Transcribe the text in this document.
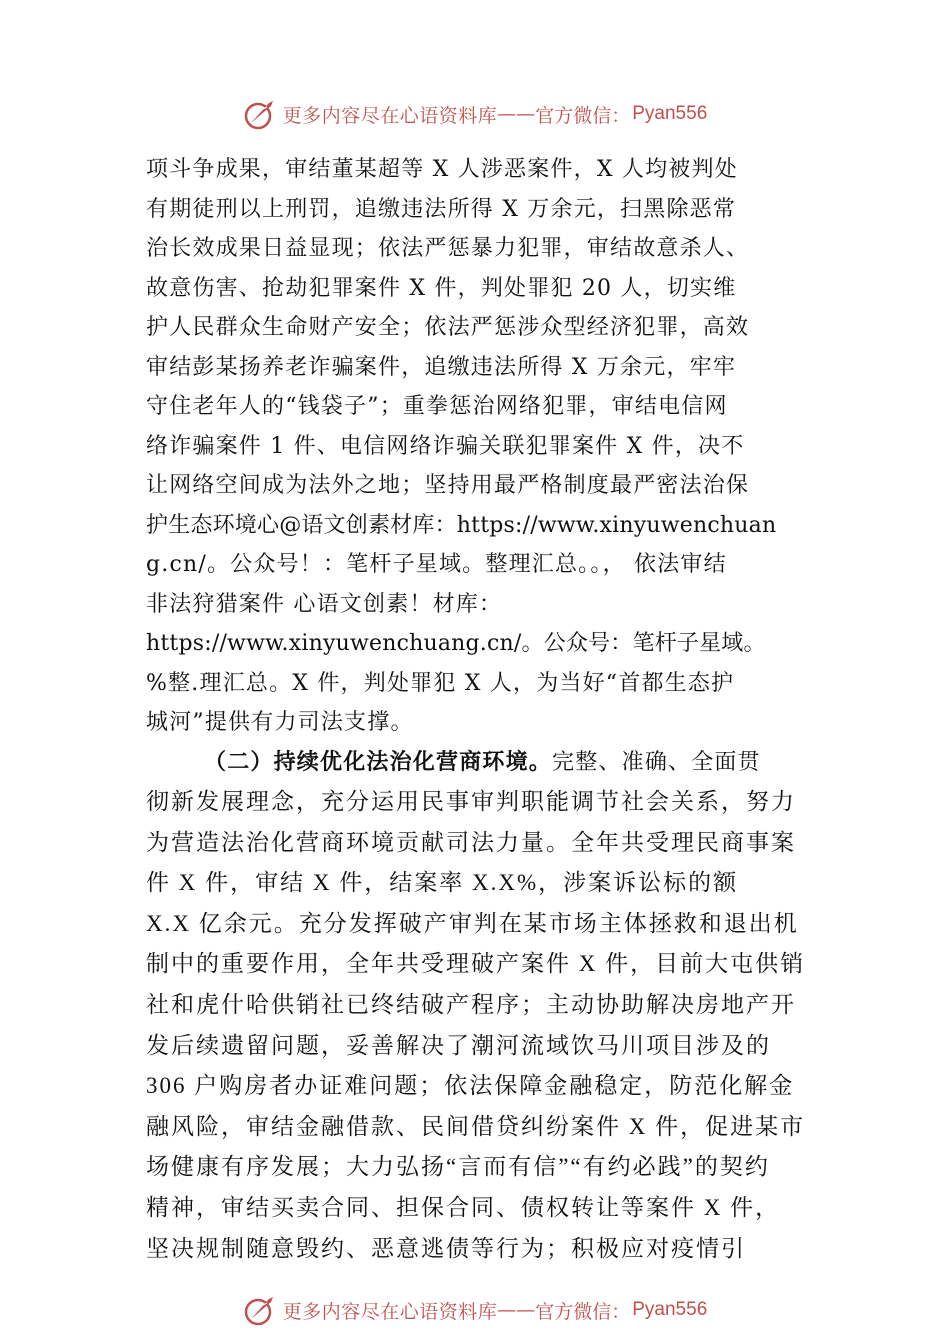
更多内容尽在心语资料库 —— 官方微信： Pyan556
项斗争成果，审结董某超等 X 人涉恶案件，X 人均被判处
有期徒刑以上刑罚，追缴违法所得 X 万余元，扫黑除恶常
治长效成果日益显现；依法严惩暴力犯罪，审结故意杀人、
故意伤害、抢劫犯罪案件 X 件，判处罪犯 20 人，切实维
护人民群众生命财产安全；依法严惩涉众型经济犯罪，高效
审结彭某扬养老诈骗案件，追缴违法所得 X 万余元，牢牢
守住老年人的“钱袋子”；重拳惩治网络犯罪，审结电信网
络诈骗案件 1 件、电信网络诈骗关联犯罪案件 X 件，决不
让网络空间成为法外之地；坚持用最严格制度最严密法治保
护生态环境心@语文创素材库：https://www.xinyuwenchuan
g.cn/。公众号！：笔杆子星域。整理汇总。。， 依法审结
非法狩猎案件 心语文创素！材库：
https://www.xinyuwenchuang.cn/。公众号：笔杆子星域。
%整.理汇总。X 件，判处罪犯 X 人，为当好“首都生态护
城河”提供有力司法支撑。
（二）持续优化法治化营商环境。完整、准确、全面贯
彻新发展理念，充分运用民事审判职能调节社会关系，努力
为营造法治化营商环境贡献司法力量。全年共受理民商事案
件 X 件，审结 X 件，结案率 X.X%，涉案诉讼标的额
X.X 亿余元。充分发挥破产审判在某市场主体拯救和退出机
制中的重要作用，全年共受理破产案件 X 件，目前大屯供销
社和虎什哈供销社已终结破产程序；主动协助解决房地产开
发后续遗留问题，妥善解决了潮河流域饮马川项目涉及的
306 户购房者办证难问题；依法保障金融稳定，防范化解金
融风险，审结金融借款、民间借贷纠纷案件 X 件，促进某市
场健康有序发展；大力弘扬“言而有信”“有约必践”的契约
精神，审结买卖合同、担保合同、债权转让等案件 X 件，
坚决规制随意毁约、恶意逃债等行为；积极应对疫情引
更多内容尽在心语资料库 —— 官方微信： Pyan556
